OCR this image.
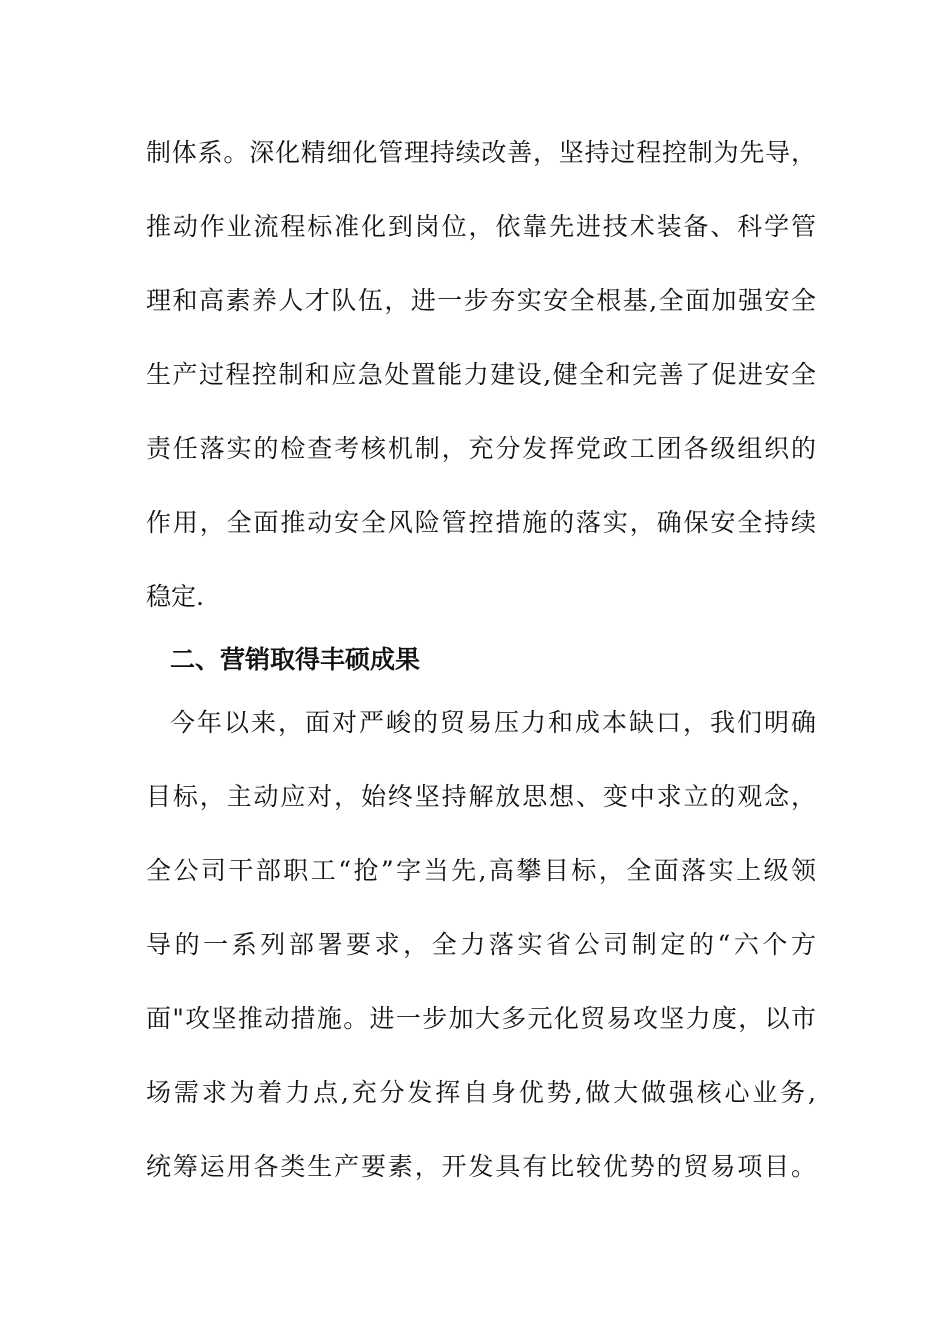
制体系。深化精细化管理持续改善，坚持过程控制为先导，
推动作业流程标准化到岗位，依靠先进技术装备、科学管
理和高素养人才队伍，进一步夯实安全根基,全面加强安全
生产过程控制和应急处置能力建设,健全和完善了促进安全
责任落实的检查考核机制，充分发挥党政工团各级组织的
作用，全面推动安全风险管控措施的落实，确保安全持续
稳定.
二、营销取得丰硕成果
今年以来，面对严峻的贸易压力和成本缺口，我们明确
目标，主动应对，始终坚持解放思想、变中求立的观念，
全公司干部职工“抢”字当先,高攀目标，全面落实上级领
导的一系列部署要求，全力落实省公司制定的“六个方
面"攻坚推动措施。进一步加大多元化贸易攻坚力度，以市
场需求为着力点,充分发挥自身优势,做大做强核心业务,
统筹运用各类生产要素，开发具有比较优势的贸易项目。
